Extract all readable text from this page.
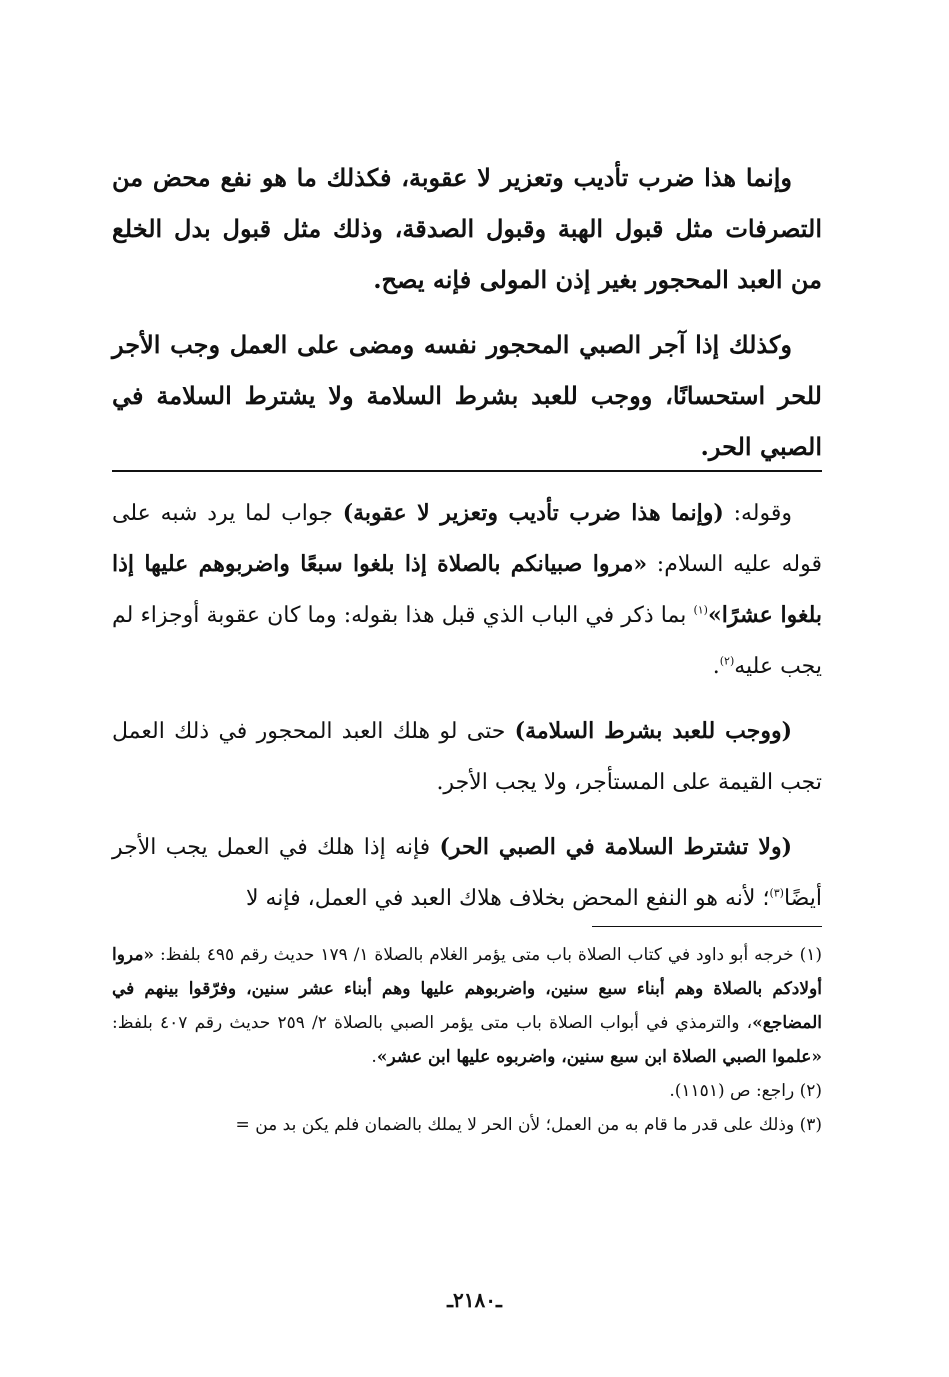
وإنما هذا ضرب تأديب وتعزير لا عقوبة، فكذلك ما هو نفع محض من التصرفات مثل قبول الهبة وقبول الصدقة، وذلك مثل قبول بدل الخلع من العبد المحجور بغير إذن المولى فإنه يصح.

وكذلك إذا آجر الصبي المحجور نفسه ومضى على العمل وجب الأجر للحر استحسانًا، ووجب للعبد بشرط السلامة ولا يشترط السلامة في الصبي الحر.

وقوله: (وإنما هذا ضرب تأديب وتعزير لا عقوبة) جواب لما يرد شبه على قوله عليه السلام: «مروا صبيانكم بالصلاة إذا بلغوا سبعًا واضربوهم عليها إذا بلغوا عشرًا»$^{(١)}$ بما ذكر في الباب الذي قبل هذا بقوله: وما كان عقوبة أوجزاء لم يجب عليه$^{(٢)}$.

(ووجب للعبد بشرط السلامة) حتى لو هلك العبد المحجور في ذلك العمل تجب القيمة على المستأجر، ولا يجب الأجر.

(ولا تشترط السلامة في الصبي الحر) فإنه إذا هلك في العمل يجب الأجر أيضًا$^{(٣)}$؛ لأنه هو النفع المحض بخلاف هلاك العبد في العمل، فإنه لا

(١) خرجه أبو داود في كتاب الصلاة باب متى يؤمر الغلام بالصلاة ١/ ١٧٩ حديث رقم ٤٩٥ بلفظ: «مروا أولادكم بالصلاة وهم أبناء سبع سنين، واضربوهم عليها وهم أبناء عشر سنين، وفرّقوا بينهم في المضاجع»، والترمذي في أبواب الصلاة باب متى يؤمر الصبي بالصلاة ٢/ ٢٥٩ حديث رقم ٤٠٧ بلفظ: «علموا الصبي الصلاة ابن سبع سنين، واضربوه عليها ابن عشر».

(٢) راجع: ص (١١٥١).

(٣) وذلك على قدر ما قام به من العمل؛ لأن الحر لا يملك بالضمان فلم يكن بد من =

ـ٢١٨٠ـ
